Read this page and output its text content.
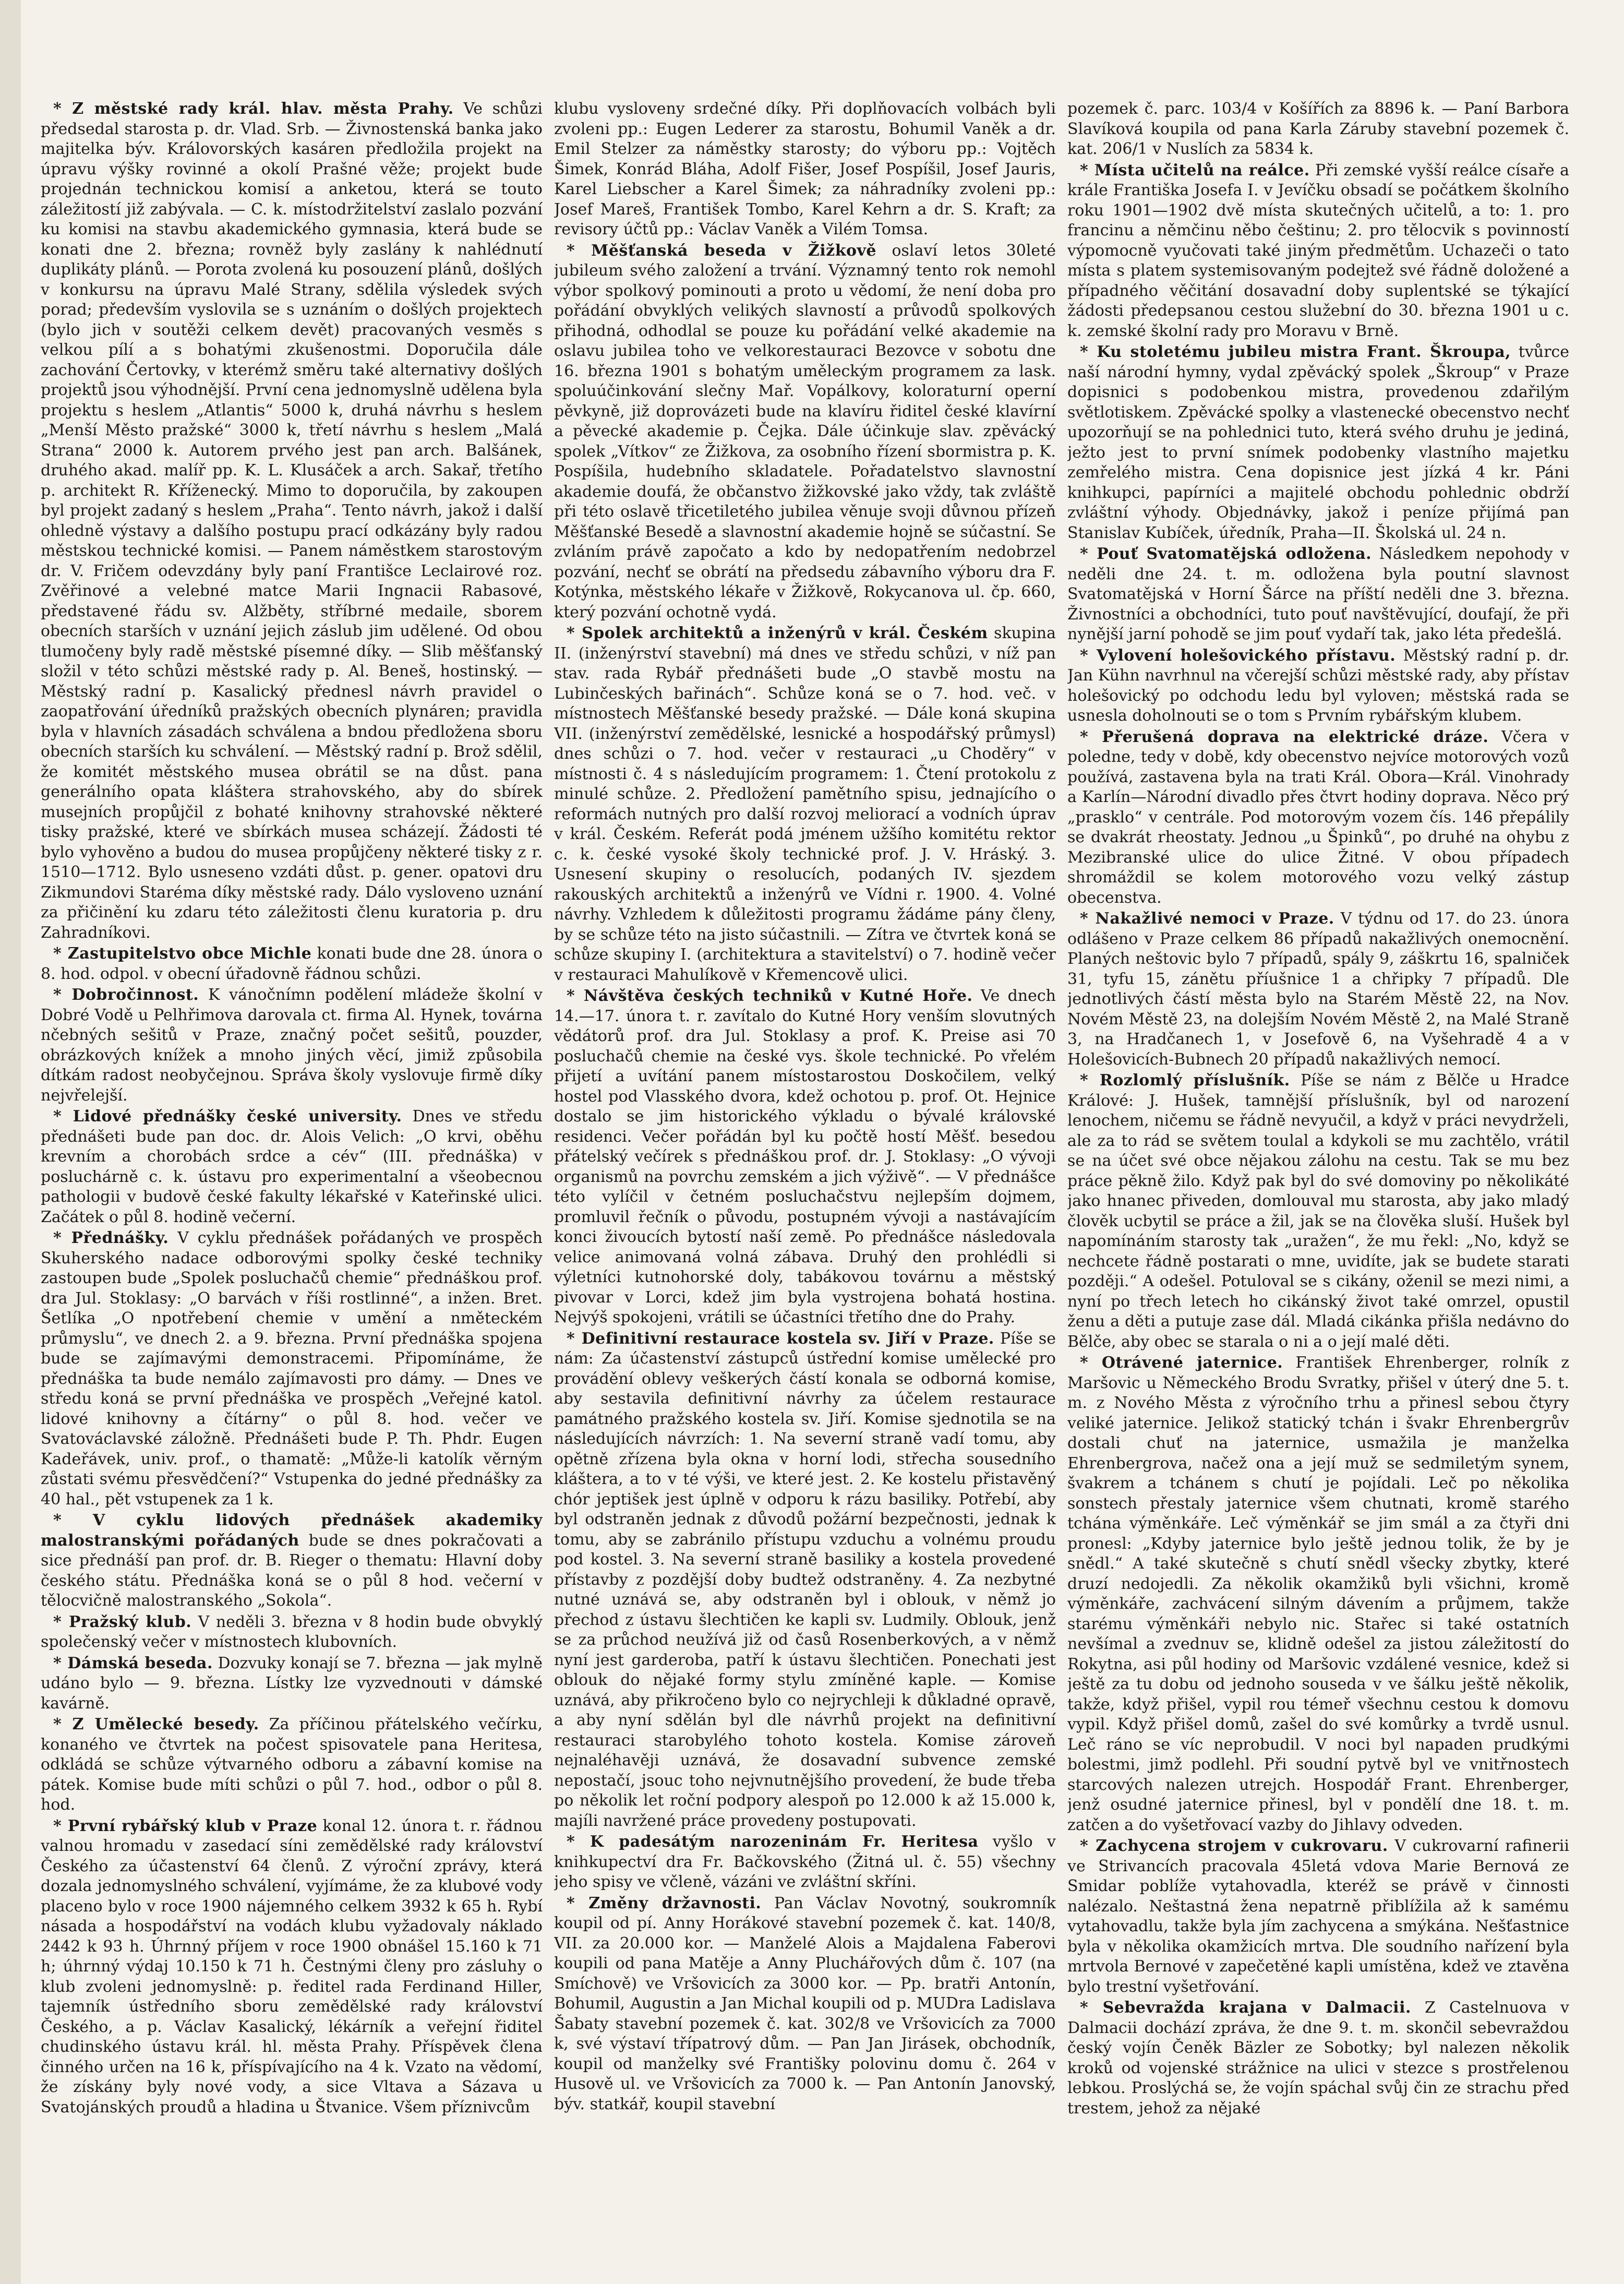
* Z městské rady král. hlav. města Prahy. Ve schůzi předsedal starosta p. dr. Vlad. Srb. — Živnostenská banka jako majitelka býv. Královorských kasáren předložila projekt na úpravu výšky rovinné a okolí Prašné věže; projekt bude projednán technickou komisí a anketou, která se touto záležitostí již zabývala. — C. k. místodržitelství zaslalo pozvání ku komisi na stavbu akademického gymnasia, která bude se konati dne 2. března; rovněž byly zaslány k nahlédnutí duplikáty plánů. — Porota zvolená ku posouzení plánů, došlých v konkursu na úpravu Malé Strany, sdělila výsledek svých porad; především vyslovila se s uznáním o došlých projektech (bylo jich v soutěži celkem devět) pracovaných vesměs s velkou pílí a s bohatými zkušenostmi. Doporučila dále zachování Čertovky, v kterémž směru také alternativy došlých projektů jsou výhodnější. První cena jednomyslně udělena byla projektu s heslem „Atlantis“ 5000 k, druhá návrhu s heslem „Menší Město pražské“ 3000 k, třetí návrhu s heslem „Malá Strana“ 2000 k. Autorem prvého jest pan arch. Balšánek, druhého akad. malíř pp. K. L. Klusáček a arch. Sakař, třetího p. architekt R. Kříženecký. Mimo to doporučila, by zakoupen byl projekt zadaný s heslem „Praha“. Tento návrh, jakož i další ohledně výstavy a dalšího postupu prací odkázány byly radou městskou technické komisi. — Panem náměstkem starostovým dr. V. Fričem odevzdány byly paní Františce Leclairové roz. Zvěřinové a velebné matce Marii Ingnacii Rabasové, představené řádu sv. Alžběty, stříbrné medaile, sborem obecních starších v uznání jejich záslub jim udělené. Od obou tlumočeny byly radě městské písemné díky. — Slib měšťanský složil v této schůzi městské rady p. Al. Beneš, hostinský. — Městský radní p. Kasalický přednesl návrh pravidel o zaopatřování úředníků pražských obecních plynáren; pravidla byla v hlavních zásadách schválena a bndou předložena sboru obecních starších ku schválení. — Městský radní p. Brož sdělil, že komitét městského musea obrátil se na důst. pana generálního opata kláštera strahovského, aby do sbírek musejních propůjčil z bohaté knihovny strahovské některé tisky pražské, které ve sbírkách musea scházejí. Žádosti té bylo vyhověno a budou do musea propůjčeny některé tisky z r. 1510—1712. Bylo usneseno vzdáti důst. p. gener. opatovi dru Zikmundovi Staréma díky městské rady. Dálo vysloveno uznání za přičinění ku zdaru této záležitosti členu kuratoria p. dru Zahradníkovi.

* Zastupitelstvo obce Michle konati bude dne 28. února o 8. hod. odpol. v obecní úřadovně řádnou schůzi.

* Dobročinnost. K vánočnímn podělení mládeže školní v Dobré Vodě u Pelhřimova darovala ct. firma Al. Hynek, továrna nčebných sešitů v Praze, značný počet sešitů, pouzder, obrázkových knížek a mnoho jiných věcí, jimiž způsobila dítkám radost neobyčejnou. Správa školy vyslovuje firmě díky nejvřelejší.

* Lidové přednášky české university. Dnes ve středu přednášeti bude pan doc. dr. Alois Velich: „O krvi, oběhu krevním a chorobách srdce a cév“ (III. přednáška) v posluchárně c. k. ústavu pro experimentalní a všeobecnou pathologii v budově české fakulty lékařské v Kateřinské ulici. Začátek o půl 8. hodině večerní.

* Přednášky. V cyklu přednášek pořádaných ve prospěch Skuherského nadace odborovými spolky české techniky zastoupen bude „Spolek posluchačů chemie“ přednáškou prof. dra Jul. Stoklasy: „O barvách v říši rostlinné“, a inžen. Bret. Šetlíka „O npotřebení chemie v umění a nměteckém průmyslu“, ve dnech 2. a 9. března. První přednáška spojena bude se zajímavými demonstracemi. Připomínáme, že přednáška ta bude nemálo zajímavosti pro dámy. — Dnes ve středu koná se první přednáška ve prospěch „Veřejné katol. lidové knihovny a čítárny“ o půl 8. hod. večer ve Svatováclavské záložně. Přednášeti bude P. Th. Phdr. Eugen Kadeřávek, univ. prof., o thamatě: „Může-li katolík věrným zůstati svému přesvědčení?“ Vstupenka do jedné přednášky za 40 hal., pět vstupenek za 1 k.

* V cyklu lidových přednášek akademiky malostranskými pořádaných bude se dnes pokračovati a sice přednáší pan prof. dr. B. Rieger o thematu: Hlavní doby českého státu. Přednáška koná se o půl 8 hod. večerní v tělocvičně malostranského „Sokola“.

* Pražský klub. V neděli 3. března v 8 hodin bude obvyklý společenský večer v místnostech klubovních.

* Dámská beseda. Dozvuky konají se 7. března — jak mylně udáno bylo — 9. března. Lístky lze vyzvednouti v dámské kavárně.

* Z Umělecké besedy. Za příčinou přátelského večírku, konaného ve čtvrtek na počest spisovatele pana Heritesa, odkládá se schůze výtvarného odboru a zábavní komise na pátek. Komise bude míti schůzi o půl 7. hod., odbor o půl 8. hod.

* První rybářský klub v Praze konal 12. února t. r. řádnou valnou hromadu v zasedací síni zemědělské rady království Českého za účastenství 64 členů. Z výroční zprávy, která dozala jednomyslného schválení, vyjímáme, že za klubové vody placeno bylo v roce 1900 nájemného celkem 3932 k 65 h. Rybí násada a hospodářství na vodách klubu vyžadovaly náklado 2442 k 93 h. Úhrnný příjem v roce 1900 obnášel 15.160 k 71 h; úhrnný výdaj 10.150 k 71 h. Čestnými členy pro zásluhy o klub zvoleni jednomyslně: p. ředitel rada Ferdinand Hiller, tajemník ústředního sboru zemědělské rady království Českého, a p. Václav Kasalický, lékárník a veřejní řiditel chudinského ústavu král. hl. města Prahy. Příspěvek člena činného určen na 16 k, příspívajícího na 4 k. Vzato na vědomí, že získány byly nové vody, a sice Vltava a Sázava u Svatojánských proudů a hladina u Štvanice. Všem příznivcům

klubu vysloveny srdečné díky. Při doplňovacích volbách byli zvoleni pp.: Eugen Lederer za starostu, Bohumil Vaněk a dr. Emil Stelzer za náměstky starosty; do výboru pp.: Vojtěch Šimek, Konrád Bláha, Adolf Fišer, Josef Pospíšil, Josef Jauris, Karel Liebscher a Karel Šimek; za náhradníky zvoleni pp.: Josef Mareš, František Tombo, Karel Kehrn a dr. S. Kraft; za revisory účtů pp.: Václav Vaněk a Vilém Tomsa.

* Měšťanská beseda v Žižkově oslaví letos 30leté jubileum svého založení a trvání. Významný tento rok nemohl výbor spolkový pominouti a proto u vědomí, že není doba pro pořádání obvyklých velikých slavností a průvodů spolkových přihodná, odhodlal se pouze ku pořádání velké akademie na oslavu jubilea toho ve velkorestauraci Bezovce v sobotu dne 16. března 1901 s bohatým uměleckým programem za lask. spoluúčinkování slečny Mař. Vopálkovy, koloraturní operní pěvkyně, již doprovázeti bude na klavíru řiditel české klavírní a pěvecké akademie p. Čejka. Dále účinkuje slav. zpěvácký spolek „Vítkov“ ze Žižkova, za osobního řízení sbormistra p. K. Pospíšila, hudebního skladatele. Pořadatelstvo slavnostní akademie doufá, že občanstvo žižkovské jako vždy, tak zvláště při této oslavě třicetiletého jubilea věnuje svoji důvnou přízeň Měšťanské Besedě a slavnostní akademie hojně se súčastní. Se zvláním právě započato a kdo by nedopatřením nedobrzel pozvání, nechť se obrátí na předsedu zábavního výboru dra F. Kotýnka, městského lékaře v Žižkově, Rokycanova ul. čp. 660, který pozvání ochotně vydá.

* Spolek architektů a inženýrů v král. Českém skupina II. (inženýrství stavební) má dnes ve středu schůzi, v níž pan stav. rada Rybář přednášeti bude „O stavbě mostu na Lubinčeských bařinách“. Schůze koná se o 7. hod. več. v místnostech Měšťanské besedy pražské. — Dále koná skupina VII. (inženýrství zemědělské, lesnické a hospodářský průmysl) dnes schůzi o 7. hod. večer v restauraci „u Choděry“ v místnosti č. 4 s následujícím programem: 1. Čtení protokolu z minulé schůze. 2. Předložení pamětního spisu, jednajícího o reformách nutných pro další rozvoj meliorací a vodních úprav v král. Českém. Referát podá jménem užšího komitétu rektor c. k. české vysoké školy technické prof. J. V. Hráský. 3. Usnesení skupiny o resolucích, podaných IV. sjezdem rakouských architektů a inženýrů ve Vídni r. 1900. 4. Volné návrhy. Vzhledem k důležitosti programu žádáme pány členy, by se schůze této na jisto súčastnili. — Zítra ve čtvrtek koná se schůze skupiny I. (architektura a stavitelství) o 7. hodině večer v restauraci Mahulíkově v Křemencově ulici.

* Návštěva českých techniků v Kutné Hoře. Ve dnech 14.—17. února t. r. zavítalo do Kutné Hory venším slovutných vědátorů prof. dra Jul. Stoklasy a prof. K. Preise asi 70 posluchačů chemie na české vys. škole technické. Po vřelém přijetí a uvítání panem místostarostou Doskočilem, velký hostel pod Vlasského dvora, kdež ochotou p. prof. Ot. Hejnice dostalo se jim historického výkladu o bývalé královské residenci. Večer pořádán byl ku počtě hostí Měšť. besedou přátelský večírek s přednáškou prof. dr. J. Stoklasy: „O vývoji organismů na povrchu zemském a jich výživě“. — V přednášce této vylíčil v četném posluchačstvu nejlepším dojmem, promluvil řečník o původu, postupném vývoji a nastávajícím konci živoucích bytostí naší země. Po přednášce následovala velice animovaná volná zábava. Druhý den prohlédli si výletníci kutnohorské doly, tabákovou továrnu a městský pivovar v Lorci, kdež jim byla vystrojena bohatá hostina. Nejvýš spokojeni, vrátili se účastníci třetího dne do Prahy.

* Definitivní restaurace kostela sv. Jiří v Praze. Píše se nám: Za účastenství zástupců ústřední komise umělecké pro provádění oblevy veškerých částí konala se odborná komise, aby sestavila definitivní návrhy za účelem restaurace památného pražského kostela sv. Jiří. Komise sjednotila se na následujících návrzích: 1. Na severní straně vadí tomu, aby opětně zřízena byla okna v horní lodi, střecha sousedního kláštera, a to v té výši, ve které jest. 2. Ke kostelu přistavěný chór jeptišek jest úplně v odporu k rázu basiliky. Potřebí, aby byl odstraněn jednak z důvodů požární bezpečnosti, jednak k tomu, aby se zabránilo přístupu vzduchu a volnému proudu pod kostel. 3. Na severní straně basiliky a kostela provedené přístavby z pozdější doby budtež odstraněny. 4. Za nezbytné nutné uznává se, aby odstraněn byl i oblouk, v němž jo přechod z ústavu šlechtičen ke kapli sv. Ludmily. Oblouk, jenž se za průchod neužívá již od časů Rosenberkových, a v němž nyní jest garderoba, patří k ústavu šlechtičen. Ponechati jest oblouk do nějaké formy stylu zmíněné kaple. — Komise uznává, aby přikročeno bylo co nejrychleji k důkladné opravě, a aby nyní sdělán byl dle návrhů projekt na definitivní restauraci starobylého tohoto kostela. Komise zároveň nejnaléhavěji uznává, že dosavadní subvence zemské nepostačí, jsouc toho nejvnutnějšího provedení, že bude třeba po několik let roční podpory alespoň po 12.000 k až 15.000 k, majíli navržené práce provedeny postupovati.

* K padesátým narozeninám Fr. Heritesa vyšlo v knihkupectví dra Fr. Bačkovského (Žitná ul. č. 55) všechny jeho spisy ve včleně, vázáni ve zvláštní skříni.

* Změny državnosti. Pan Václav Novotný, soukromník koupil od pí. Anny Horákové stavební pozemek č. kat. 140/8, VII. za 20.000 kor. — Manželé Alois a Majdalena Faberovi koupili od pana Matěje a Anny Pluchářových dům č. 107 (na Smíchově) ve Vršovicích za 3000 kor. — Pp. bratři Antonín, Bohumil, Augustin a Jan Michal koupili od p. MUDra Ladislava Šabaty stavební pozemek č. kat. 302/8 ve Vršovicích za 7000 k, své výstaví třípatrový dům. — Pan Jan Jirásek, obchodník, koupil od manželky své Františky polovinu domu č. 264 v Husově ul. ve Vršovicích za 7000 k. — Pan Antonín Janovský, býv. statkář, koupil stavební

pozemek č. parc. 103/4 v Košířích za 8896 k. — Paní Barbora Slavíková koupila od pana Karla Záruby stavební pozemek č. kat. 206/1 v Nuslích za 5834 k.

* Místa učitelů na reálce. Při zemské vyšší reálce císaře a krále Františka Josefa I. v Jevíčku obsadí se počátkem školního roku 1901—1902 dvě místa skutečných učitelů, a to: 1. pro francinu a němčinu něbo češtinu; 2. pro tělocvik s povinností výpomocně vyučovati také jiným předmětům. Uchazeči o tato místa s platem systemisovaným podejtež své řádně doložené a případného věčitání dosavadní doby suplentské se týkající žádosti předepsanou cestou služební do 30. března 1901 u c. k. zemské školní rady pro Moravu v Brně.

* Ku stoletému jubileu mistra Frant. Škroupa, tvůrce naší národní hymny, vydal zpěvácký spolek „Škroup“ v Praze dopisnici s podobenkou mistra, provedenou zdařilým světlotiskem. Zpěvácké spolky a vlastenecké obecenstvo nechť upozorňují se na pohlednici tuto, která svého druhu je jediná, ježto jest to první snímek podobenky vlastního majetku zemřelého mistra. Cena dopisnice jest jízká 4 kr. Páni knihkupci, papírníci a majitelé obchodu pohlednic obdrží zvláštní výhody. Objednávky, jakož i peníze přijímá pan Stanislav Kubíček, úředník, Praha—II. Školská ul. 24 n.

* Pouť Svatomatějská odložena. Následkem nepohody v neděli dne 24. t. m. odložena byla poutní slavnost Svatomatějská v Horní Šárce na příští neděli dne 3. března. Živnostníci a obchodníci, tuto pouť navštěvující, doufají, že při nynější jarní pohodě se jim pouť vydaří tak, jako léta předešlá.

* Vylovení holešovického přístavu. Městský radní p. dr. Jan Kühn navrhnul na včerejší schůzi městské rady, aby přístav holešovický po odchodu ledu byl vyloven; městská rada se usnesla doholnouti se o tom s Prvním rybářským klubem.

* Přerušená doprava na elektrické dráze. Včera v poledne, tedy v době, kdy obecenstvo nejvíce motorových vozů používá, zastavena byla na trati Král. Obora—Král. Vinohrady a Karlín—Národní divadlo přes čtvrt hodiny doprava. Něco prý „prasklo“ v centrále. Pod motorovým vozem čís. 146 přepálily se dvakrát rheostaty. Jednou „u Špinků“, po druhé na ohybu z Mezibranské ulice do ulice Žitné. V obou případech shromáždil se kolem motorového vozu velký zástup obecenstva.

* Nakažlivé nemoci v Praze. V týdnu od 17. do 23. února odlášeno v Praze celkem 86 případů nakažlivých onemocnění. Planých neštovic bylo 7 případů, spály 9, záškrtu 16, spalniček 31, tyfu 15, zánětu příušnice 1 a chřipky 7 případů. Dle jednotlivých částí města bylo na Starém Městě 22, na Nov. Novém Městě 23, na dolejším Novém Městě 2, na Malé Straně 3, na Hradčanech 1, v Josefově 6, na Vyšehradě 4 a v Holešovicích-Bubnech 20 případů nakažlivých nemocí.

* Rozlomlý příslušník. Píše se nám z Bělče u Hradce Králové: J. Hušek, tamnější příslušník, byl od narození lenochem, ničemu se řádně nevyučil, a když v práci nevydrželi, ale za to rád se světem toulal a kdykoli se mu zachtělo, vrátil se na účet své obce nějakou zálohu na cestu. Tak se mu bez práce pěkně žilo. Když pak byl do své domoviny po několikáté jako hnanec přiveden, domlouval mu starosta, aby jako mladý člověk ucbytil se práce a žil, jak se na člověka sluší. Hušek byl napomínáním starosty tak „uražen“, že mu řekl: „No, když se nechcete řádně postarati o mne, uvidíte, jak se budete starati později.“ A odešel. Potuloval se s cikány, oženil se mezi nimi, a nyní po třech letech ho cikánský život také omrzel, opustil ženu a děti a putuje zase dál. Mladá cikánka přišla nedávno do Bělče, aby obec se starala o ni a o její malé děti.

* Otrávené jaternice. František Ehrenberger, rolník z Maršovic u Německého Brodu Svratky, přišel v úterý dne 5. t. m. z Nového Města z výročního trhu a přinesl sebou čtyry veliké jaternice. Jelikož statický tchán i švakr Ehrenbergrův dostali chuť na jaternice, usmažila je manželka Ehrenbergrova, načež ona a její muž se sedmiletým synem, švakrem a tchánem s chutí je pojídali. Leč po několika sonstech přestaly jaternice všem chutnati, kromě starého tchána výměnkáře. Leč výměnkář se jim smál a za čtyři dni pronesl: „Kdyby jaternice bylo ještě jednou tolik, že by je snědl.“ A také skutečně s chutí snědl všecky zbytky, které druzí nedojedli. Za několik okamžiků byli všichni, kromě výměnkáře, zachvácení silným dávením a průjmem, takže starému výměnkáři nebylo nic. Stařec si také ostatních nevšímal a zvednuv se, klidně odešel za jistou záležitostí do Rokytna, asi půl hodiny od Maršovic vzdálené vesnice, kdež si ještě za tu dobu od jednoho souseda v ve šálku ještě několik, takže, když přišel, vypil rou témeř všechnu cestou k domovu vypil. Když přišel domů, zašel do své komůrky a tvrdě usnul. Leč ráno se víc neprobudil. V noci byl napaden prudkými bolestmi, jimž podlehl. Při soudní pytvě byl ve vnitřnostech starcových nalezen utrejch. Hospodář Frant. Ehrenberger, jenž osudné jaternice přinesl, byl v pondělí dne 18. t. m. zatčen a do vyšetřovací vazby do Jihlavy odveden.

* Zachycena strojem v cukrovaru. V cukrovarní rafinerii ve Strivancích pracovala 45letá vdova Marie Bernová ze Smidar poblíže vytahovadla, kteréž se právě v činnosti nalézalo. Neštastná žena nepatrně přiblížila až k samému vytahovadlu, takže byla jím zachycena a smýkána. Nešťastnice byla v několika okamžicích mrtva. Dle soudního nařízení byla mrtvola Bernové v zapečetěné kapli umístěna, kdež ve ztavěna bylo trestní vyšetřování.

* Sebevražda krajana v Dalmacii. Z Castelnuova v Dalmacii dochází zpráva, že dne 9. t. m. skončil sebevraždou český vojín Čeněk Bäzler ze Sobotky; byl nalezen několik kroků od vojenské strážnice na ulici v stezce s prostřelenou lebkou. Proslýchá se, že vojín spáchal svůj čin ze strachu před trestem, jehož za nějaké
